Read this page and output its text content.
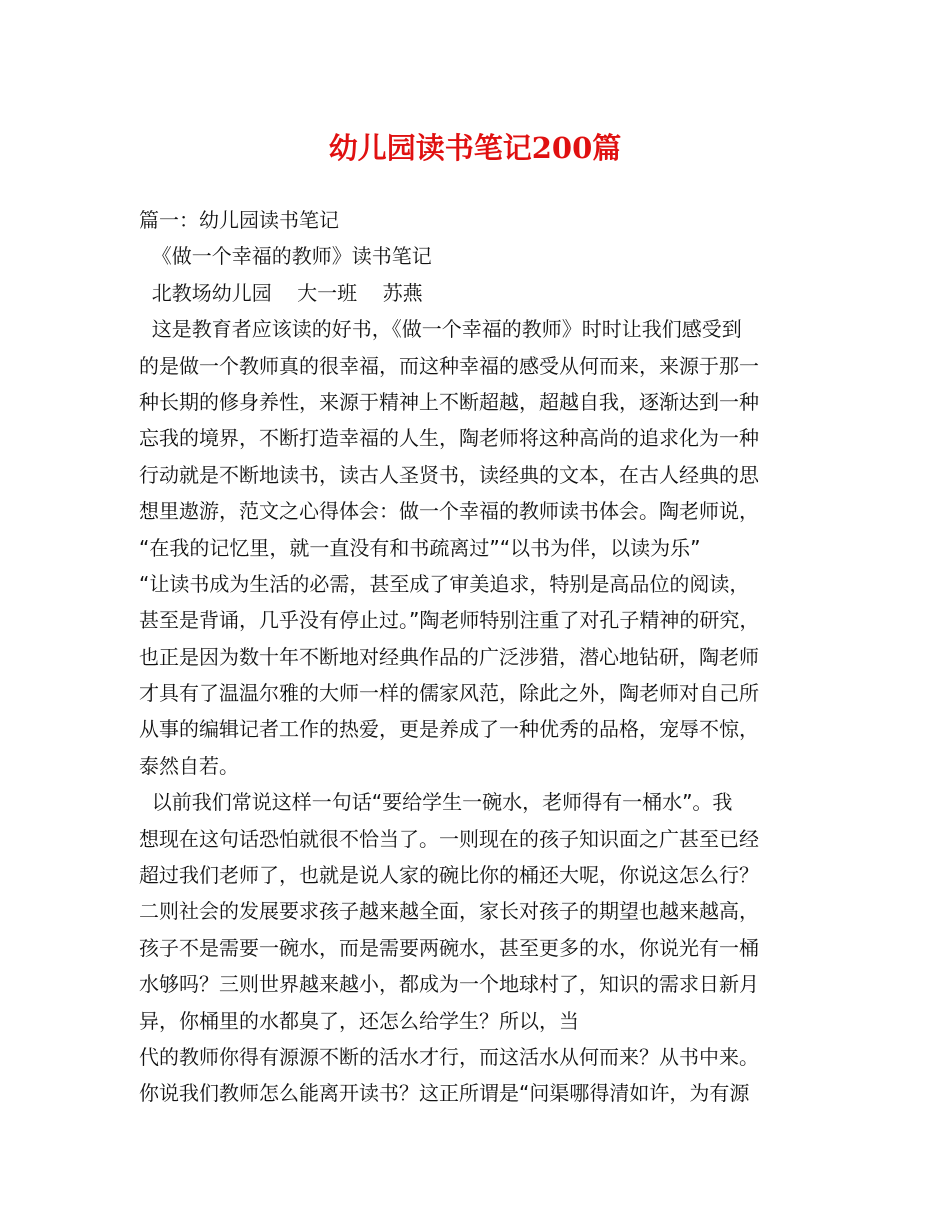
幼儿园读书笔记200篇
篇一：幼儿园读书笔记
《做一个幸福的教师》读书笔记
北教场幼儿园    大一班    苏燕
这是教育者应该读的好书，《做一个幸福的教师》时时让我们感受到
的是做一个教师真的很幸福，而这种幸福的感受从何而来，来源于那一
种长期的修身养性，来源于精神上不断超越，超越自我，逐渐达到一种
忘我的境界，不断打造幸福的人生，陶老师将这种高尚的追求化为一种
行动就是不断地读书，读古人圣贤书，读经典的文本，在古人经典的思
想里遨游，范文之心得体会：做一个幸福的教师读书体会。陶老师说，
“在我的记忆里，就一直没有和书疏离过”“以书为伴，以读为乐”
“让读书成为生活的必需，甚至成了审美追求，特别是高品位的阅读，
甚至是背诵，几乎没有停止过。”陶老师特别注重了对孔子精神的研究，
也正是因为数十年不断地对经典作品的广泛涉猎，潜心地钻研，陶老师
才具有了温温尔雅的大师一样的儒家风范，除此之外，陶老师对自己所
从事的编辑记者工作的热爱，更是养成了一种优秀的品格，宠辱不惊，
泰然自若。
以前我们常说这样一句话“要给学生一碗水，老师得有一桶水”。我
想现在这句话恐怕就很不恰当了。一则现在的孩子知识面之广甚至已经
超过我们老师了，也就是说人家的碗比你的桶还大呢，你说这怎么行？
二则社会的发展要求孩子越来越全面，家长对孩子的期望也越来越高，
孩子不是需要一碗水，而是需要两碗水，甚至更多的水，你说光有一桶
水够吗？三则世界越来越小，都成为一个地球村了，知识的需求日新月
异，你桶里的水都臭了，还怎么给学生？所以，当
代的教师你得有源源不断的活水才行，而这活水从何而来？从书中来。
你说我们教师怎么能离开读书？这正所谓是“问渠哪得清如许，为有源
